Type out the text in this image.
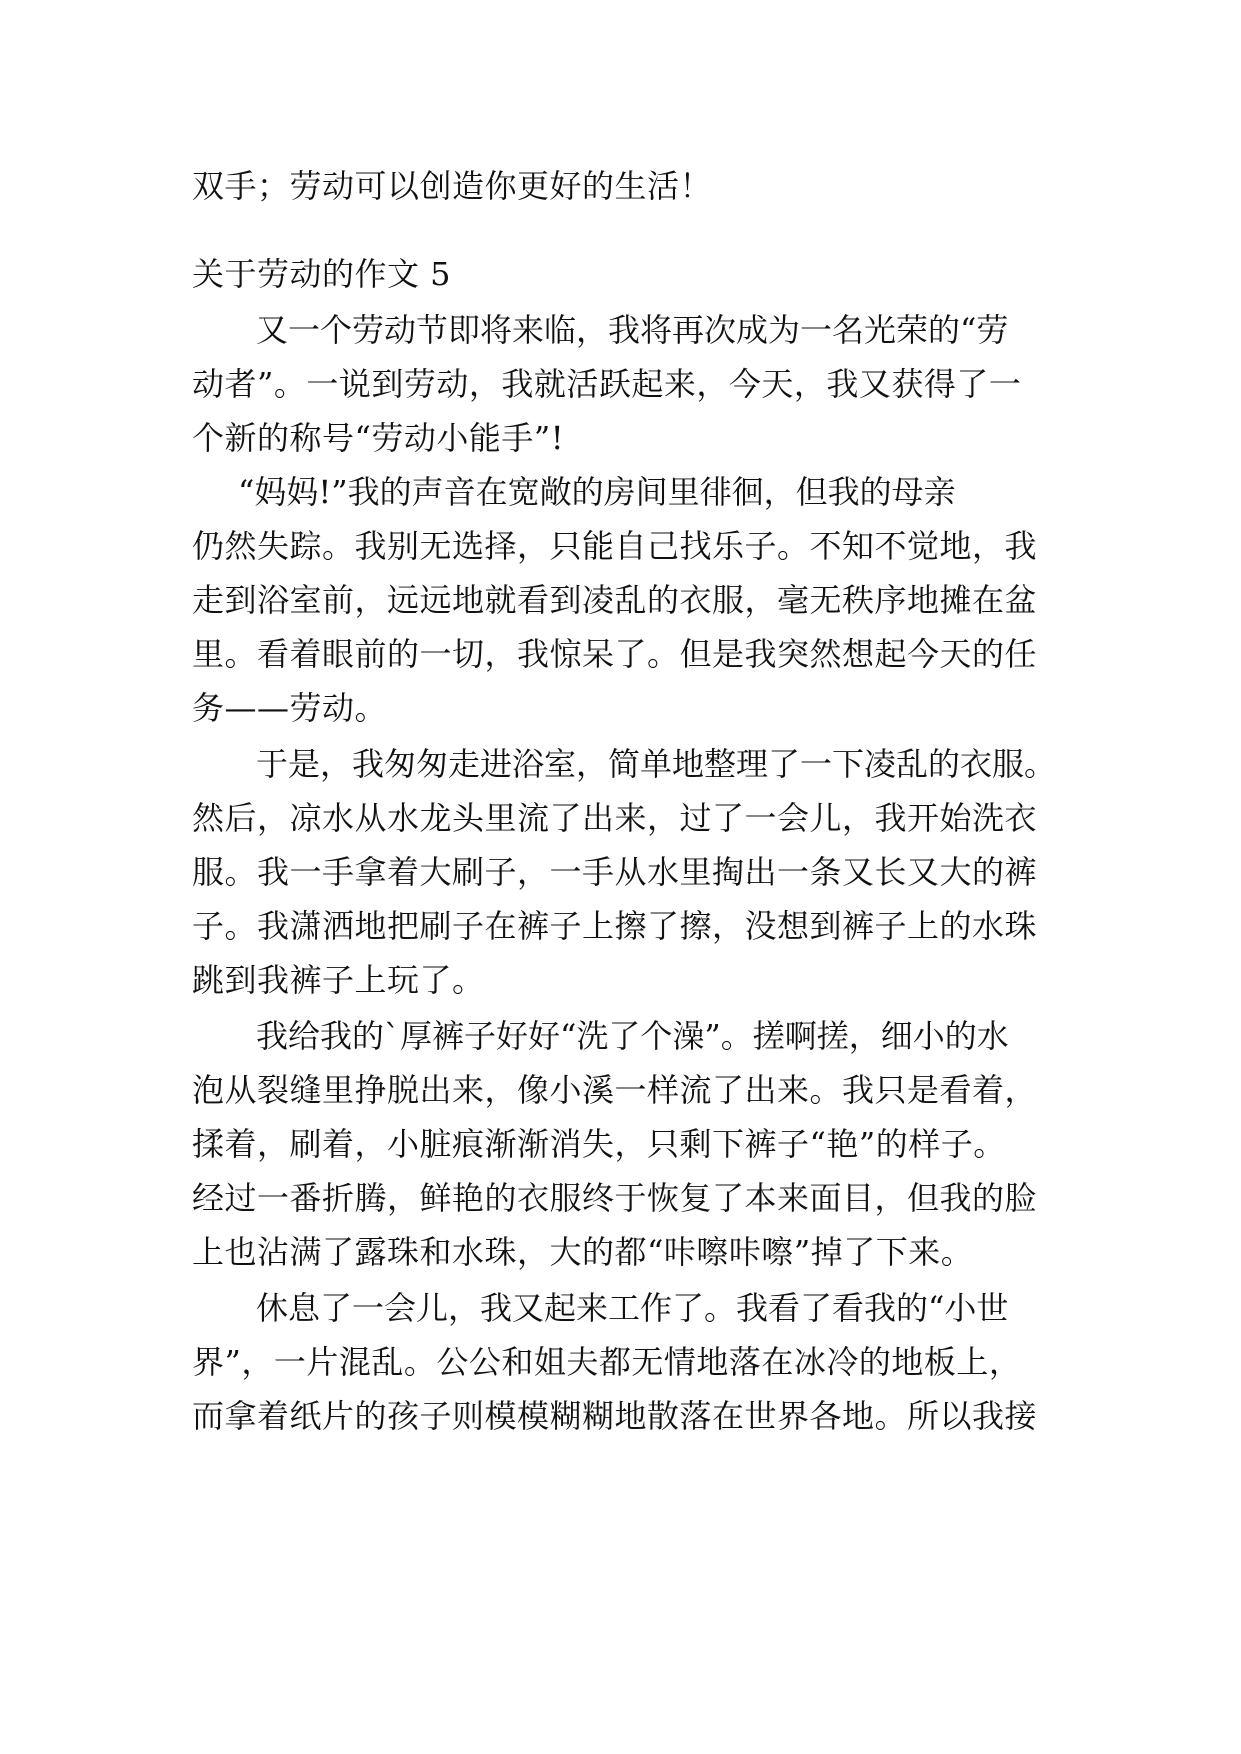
双手；劳动可以创造你更好的生活！
关于劳动的作文 5
又一个劳动节即将来临，我将再次成为一名光荣的“劳
动者”。一说到劳动，我就活跃起来，今天，我又获得了一
个新的称号“劳动小能手”!
“妈妈!”我的声音在宽敞的房间里徘徊，但我的母亲
仍然失踪。我别无选择，只能自己找乐子。不知不觉地，我
走到浴室前，远远地就看到凌乱的衣服，毫无秩序地摊在盆
里。看着眼前的一切，我惊呆了。但是我突然想起今天的任
务——劳动。
于是，我匆匆走进浴室，简单地整理了一下凌乱的衣服。
然后，凉水从水龙头里流了出来，过了一会儿，我开始洗衣
服。我一手拿着大刷子，一手从水里掏出一条又长又大的裤
子。我潇洒地把刷子在裤子上擦了擦，没想到裤子上的水珠
跳到我裤子上玩了。
我给我的`厚裤子好好“洗了个澡”。搓啊搓，细小的水
泡从裂缝里挣脱出来，像小溪一样流了出来。我只是看着，
揉着，刷着，小脏痕渐渐消失，只剩下裤子“艳”的样子。
经过一番折腾，鲜艳的衣服终于恢复了本来面目，但我的脸
上也沾满了露珠和水珠，大的都“咔嚓咔嚓”掉了下来。
休息了一会儿，我又起来工作了。我看了看我的“小世
界”，一片混乱。公公和姐夫都无情地落在冰冷的地板上，
而拿着纸片的孩子则模模糊糊地散落在世界各地。所以我接
